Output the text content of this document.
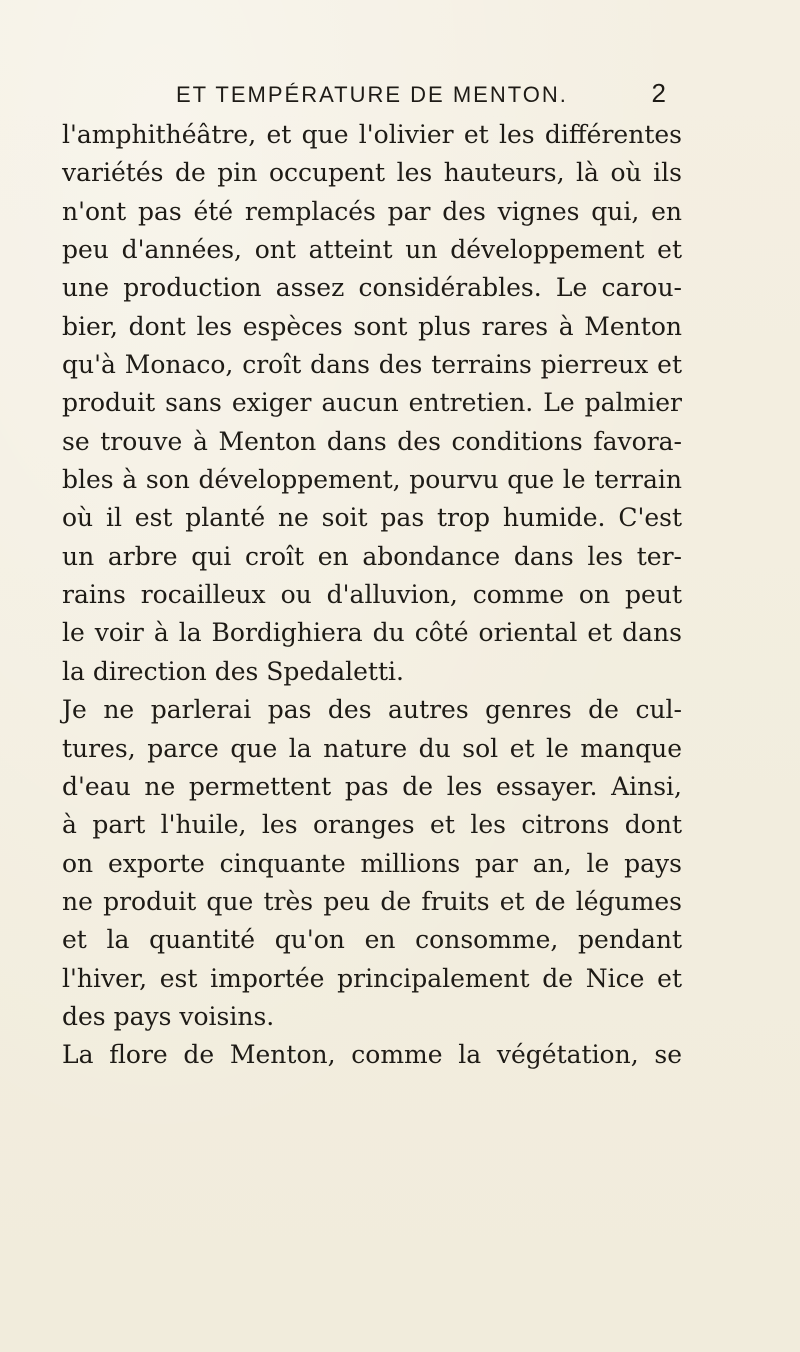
ET TEMPÉRATURE DE MENTON.	2
l'amphithéâtre, et que l'olivier et les différentes
variétés de pin occupent les hauteurs, là où ils
n'ont pas été remplacés par des vignes qui, en
peu d'années, ont atteint un développement et
une production assez considérables. Le carou-
bier, dont les espèces sont plus rares à Menton
qu'à Monaco, croît dans des terrains pierreux et
produit sans exiger aucun entretien. Le palmier
se trouve à Menton dans des conditions favora-
bles à son développement, pourvu que le terrain
où il est planté ne soit pas trop humide. C'est
un arbre qui croît en abondance dans les ter-
rains rocailleux ou d'alluvion, comme on peut
le voir à la Bordighiera du côté oriental et dans
la direction des Spedaletti.
Je ne parlerai pas des autres genres de cul-
tures, parce que la nature du sol et le manque
d'eau ne permettent pas de les essayer. Ainsi,
à part l'huile, les oranges et les citrons dont
on exporte cinquante millions par an, le pays
ne produit que très peu de fruits et de légumes
et la quantité qu'on en consomme, pendant
l'hiver, est importée principalement de Nice et
des pays voisins.
La flore de Menton, comme la végétation, se
